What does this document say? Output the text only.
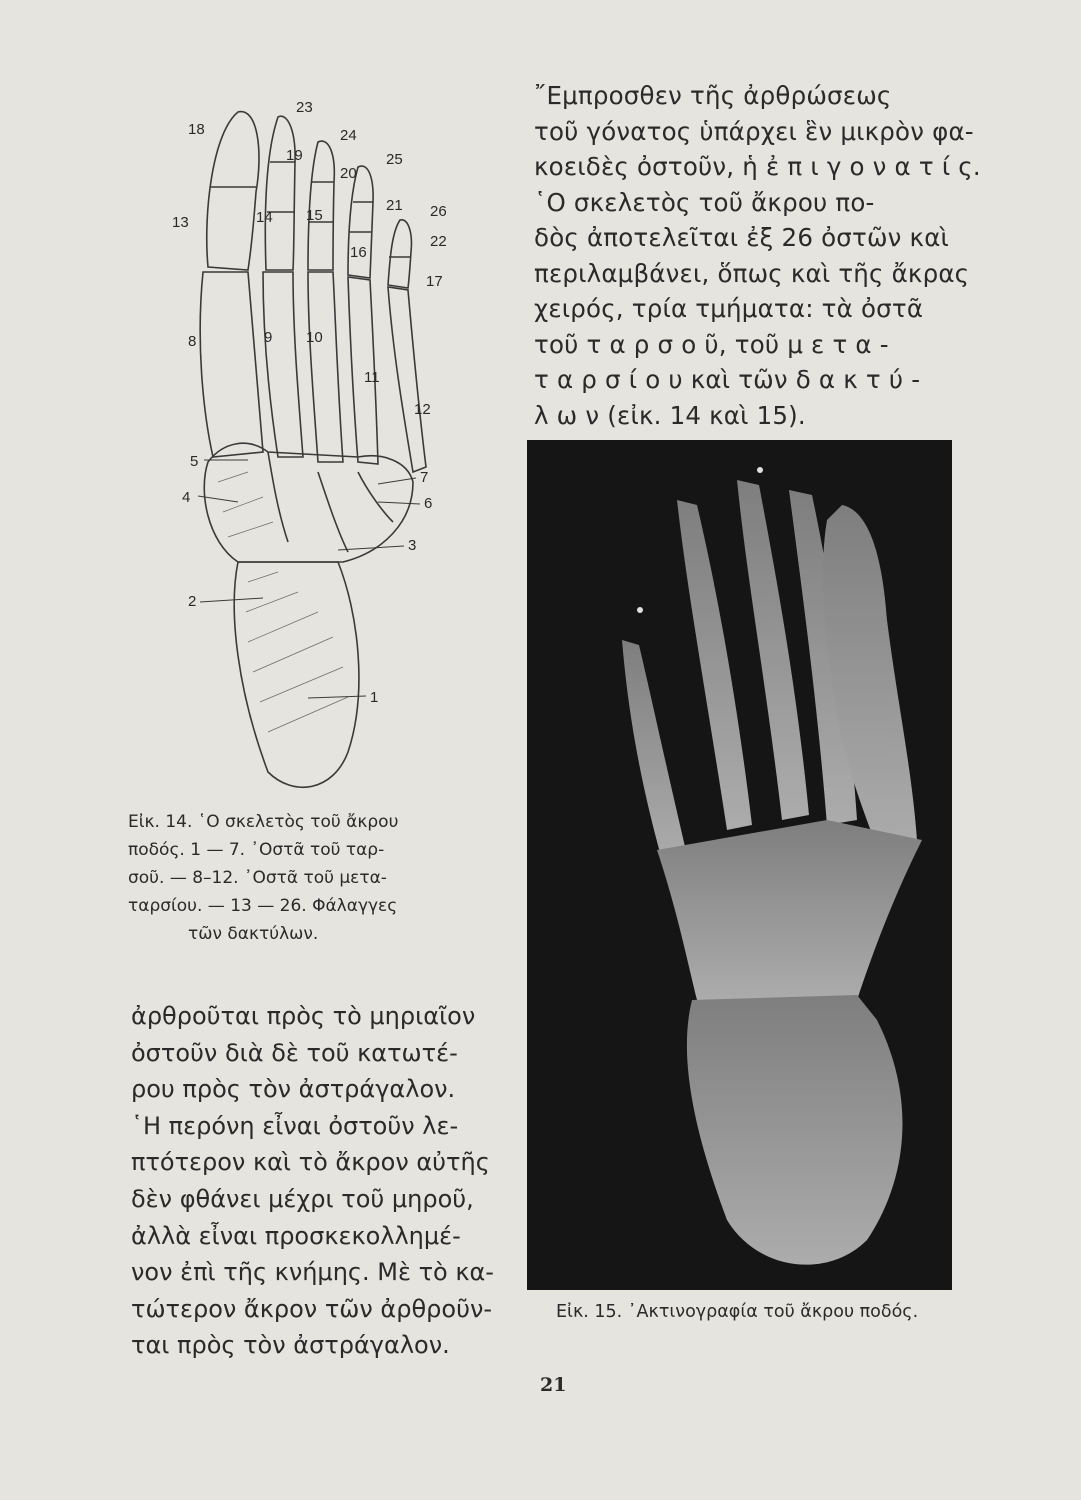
18
23
19
24
20
25
13	14 15
21 26
16
22
17
8	9 10
11
12
5
7
4	6
3
2
1
῎Εμπροσθεν τῆς ἀρθρώσεως
τοῦ γόνατος ὑπάρχει ἓν μικρὸν φα-
κοειδὲς ὀστοῦν, ἡ ἐ π ι γ ο ν α τ ί ς.
῾Ο σκελετὸς τοῦ ἄκρου πο-
δὸς ἀποτελεῖται ἐξ 26 ὀστῶν καὶ
περιλαμβάνει, ὅπως καὶ τῆς ἄκρας
χειρός, τρία τμήματα: τὰ ὀστᾶ
τοῦ τ α ρ σ ο ῦ, τοῦ μ ε τ α -
τ α ρ σ ί ο υ καὶ τῶν δ α κ τ ύ -
λ ω ν (εἰκ. 14 καὶ 15).
Εἰκ. 14. ῾Ο σκελετὸς τοῦ ἄκρου
ποδός. 1 — 7. ᾿Οστᾶ τοῦ ταρ-
σοῦ. — 8–12. ᾿Οστᾶ τοῦ μετα-
ταρσίου. — 13 — 26. Φάλαγγες
τῶν δακτύλων.
ἀρθροῦται πρὸς τὸ μηριαῖον
ὀστοῦν διὰ δὲ τοῦ κατωτέ-
ρου πρὸς τὸν ἀστράγαλον.
῾Η περόνη εἶναι ὀστοῦν λε-
πτότερον καὶ τὸ ἄκρον αὐτῆς
δὲν φθάνει μέχρι τοῦ μηροῦ,
ἀλλὰ εἶναι προσκεκολλημέ-
νον ἐπὶ τῆς κνήμης. Μὲ τὸ κα-
τώτερον ἄκρον τῶν ἀρθροῦν-
ται πρὸς τὸν ἀστράγαλον.
Εἰκ. 15. ᾿Ακτινογραφία τοῦ ἄκρου ποδός.
21
